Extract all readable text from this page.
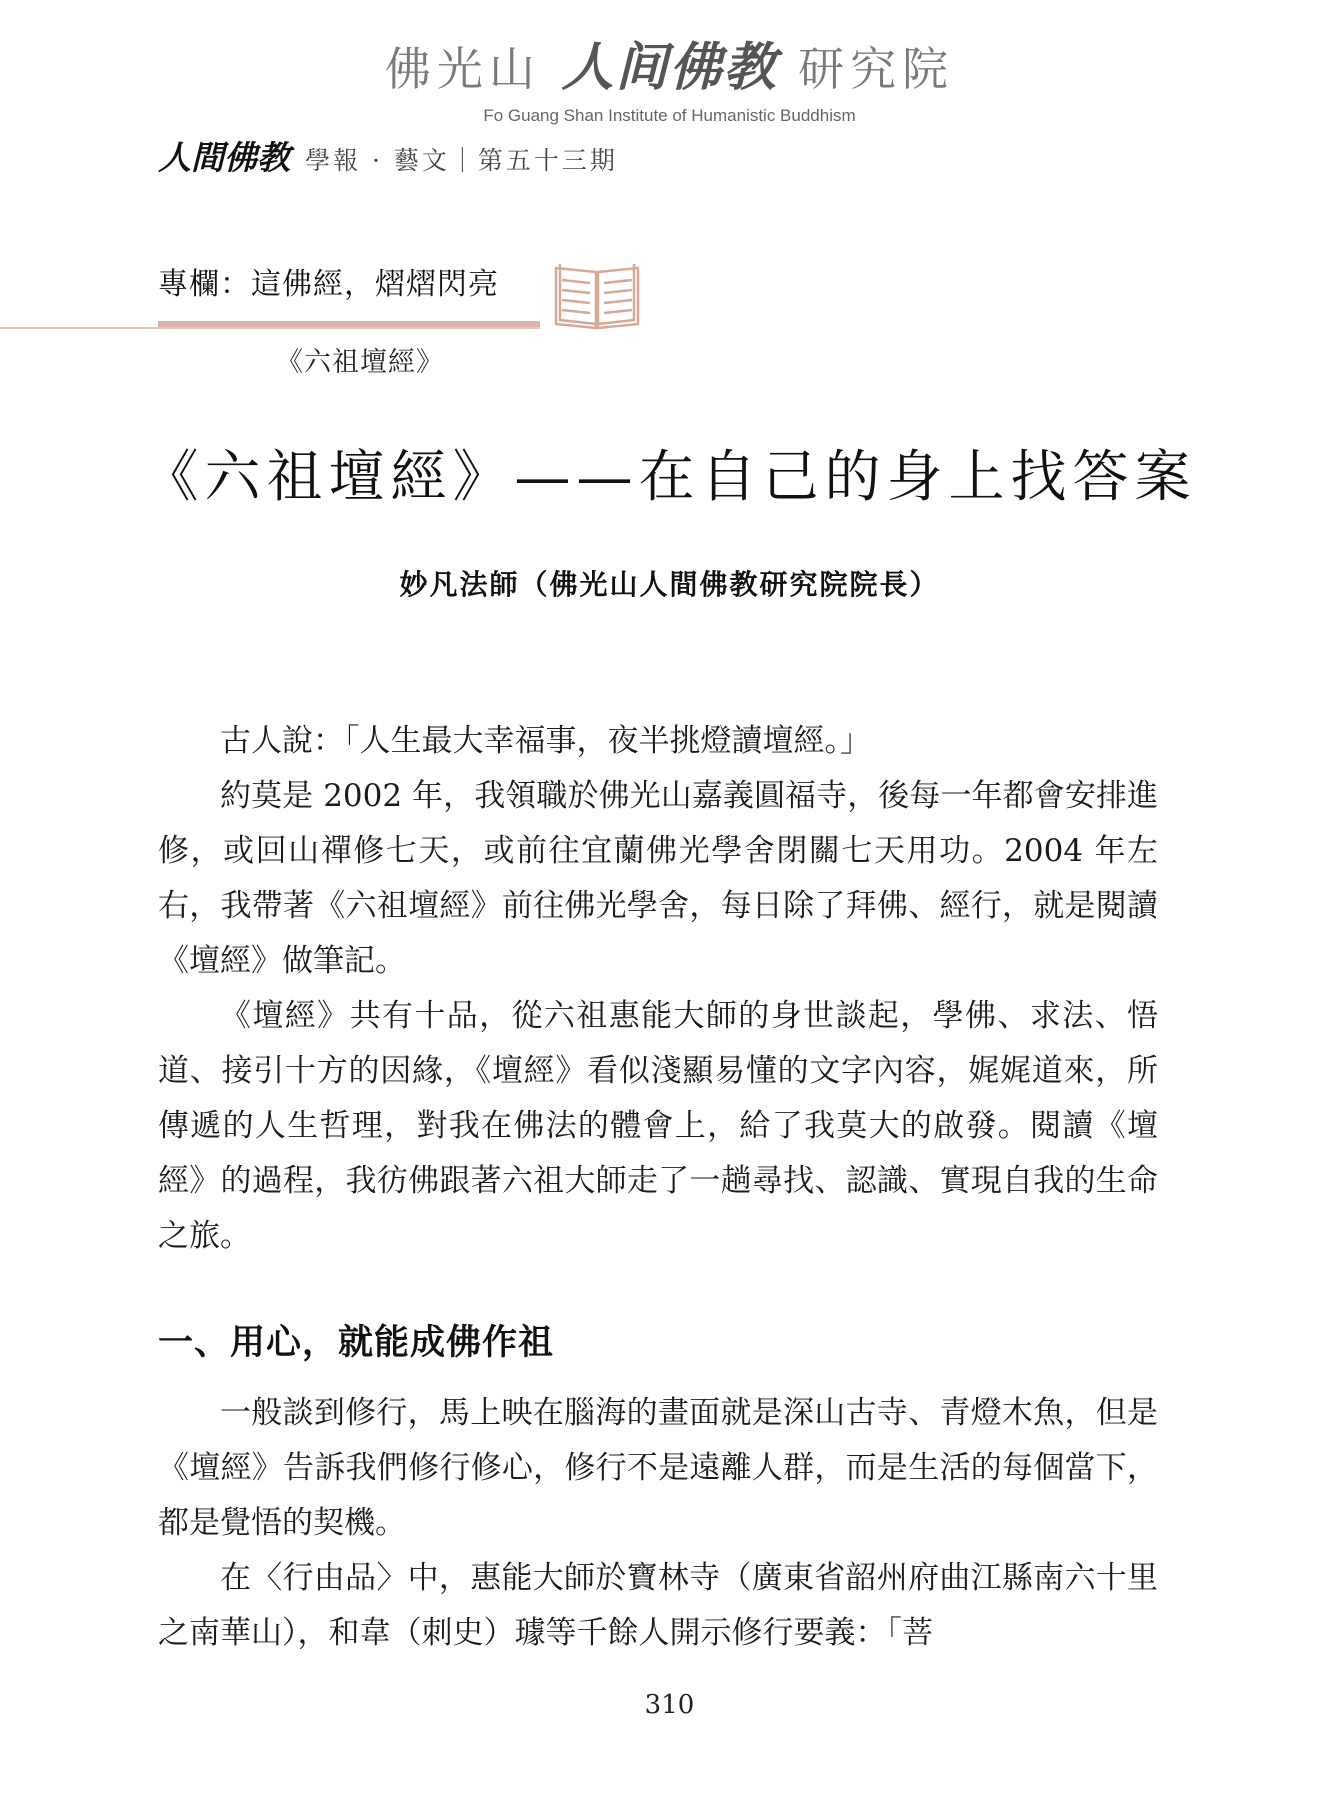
佛光山 人间佛教 研究院
Fo Guang Shan Institute of Humanistic Buddhism
人間佛教 學報 · 藝文｜第五十三期
專欄：這佛經，熠熠閃亮
《六祖壇經》
《六祖壇經》——在自己的身上找答案
妙凡法師（佛光山人間佛教研究院院長）

古人說：「人生最大幸福事，夜半挑燈讀壇經。」

約莫是 2002 年，我領職於佛光山嘉義圓福寺，後每一年都會安排進修，或回山禪修七天，或前往宜蘭佛光學舍閉關七天用功。2004 年左右，我帶著《六祖壇經》前往佛光學舍，每日除了拜佛、經行，就是閱讀《壇經》做筆記。

《壇經》共有十品，從六祖惠能大師的身世談起，學佛、求法、悟道、接引十方的因緣，《壇經》看似淺顯易懂的文字內容，娓娓道來，所傳遞的人生哲理，對我在佛法的體會上，給了我莫大的啟發。閱讀《壇經》的過程，我彷佛跟著六祖大師走了一趟尋找、認識、實現自我的生命之旅。

一、用心，就能成佛作祖

一般談到修行，馬上映在腦海的畫面就是深山古寺、青燈木魚，但是《壇經》告訴我們修行修心，修行不是遠離人群，而是生活的每個當下，都是覺悟的契機。

在〈行由品〉中，惠能大師於寶林寺（廣東省韶州府曲江縣南六十里之南華山），和韋（刺史）璩等千餘人開示修行要義：「菩

310
